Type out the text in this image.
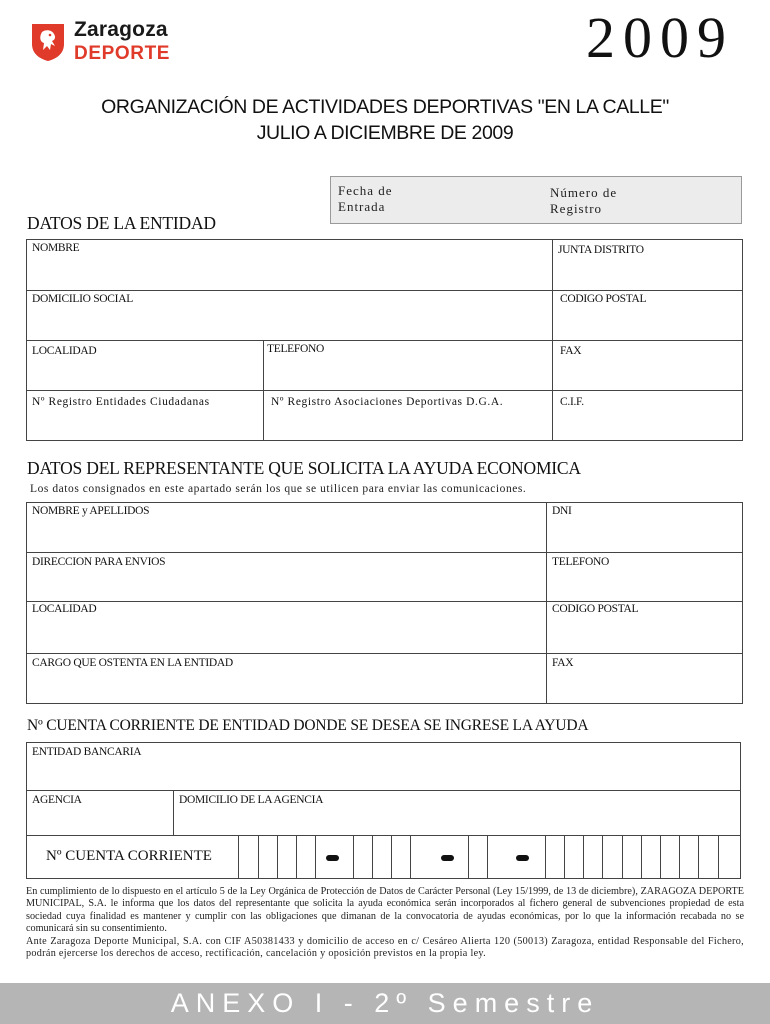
Zaragoza
DEPORTE	2009
ORGANIZACIÓN DE ACTIVIDADES DEPORTIVAS "EN LA CALLE"
JULIO A DICIEMBRE DE 2009
Fecha de
Entrada
Número de
Registro
DATOS DE LA ENTIDAD
NOMBRE	JUNTA DISTRITO
DOMICILIO SOCIAL	CODIGO POSTAL
LOCALIDAD	TELEFONO	FAX
Nº Registro Entidades Ciudadanas	Nº Registro Asociaciones Deportivas D.G.A.	C.I.F.
DATOS DEL REPRESENTANTE QUE SOLICITA LA AYUDA ECONOMICA
Los datos consignados en este apartado serán los que se utilicen para enviar las comunicaciones.
NOMBRE y APELLIDOS	DNI
DIRECCION PARA ENVIOS	TELEFONO
LOCALIDAD	CODIGO POSTAL
CARGO QUE OSTENTA EN LA ENTIDAD	FAX
Nº CUENTA CORRIENTE DE ENTIDAD DONDE SE DESEA SE INGRESE LA AYUDA
ENTIDAD BANCARIA
AGENCIA	DOMICILIO DE LA AGENCIA
Nº CUENTA CORRIENTE

En cumplimiento de lo dispuesto en el artículo 5 de la Ley Orgánica de Protección de Datos de Carácter Personal (Ley 15/1999, de 13 de diciembre), ZARAGOZA DEPORTE MUNICIPAL, S.A. le informa que los datos del representante que solicita la ayuda económica serán incorporados al fichero general de subvenciones propiedad de esta sociedad cuya finalidad es mantener y cumplir con las obligaciones que dimanan de la convocatoria de ayudas económicas, por lo que la información recabada no se comunicará sin su consentimiento.

Ante Zaragoza Deporte Municipal, S.A. con CIF A50381433 y domicilio de acceso en c/ Cesáreo Alierta 120 (50013) Zaragoza, entidad Responsable del Fichero, podrán ejercerse los derechos de acceso, rectificación, cancelación y oposición previstos en la propia ley.

ANEXO I - 2º Semestre
